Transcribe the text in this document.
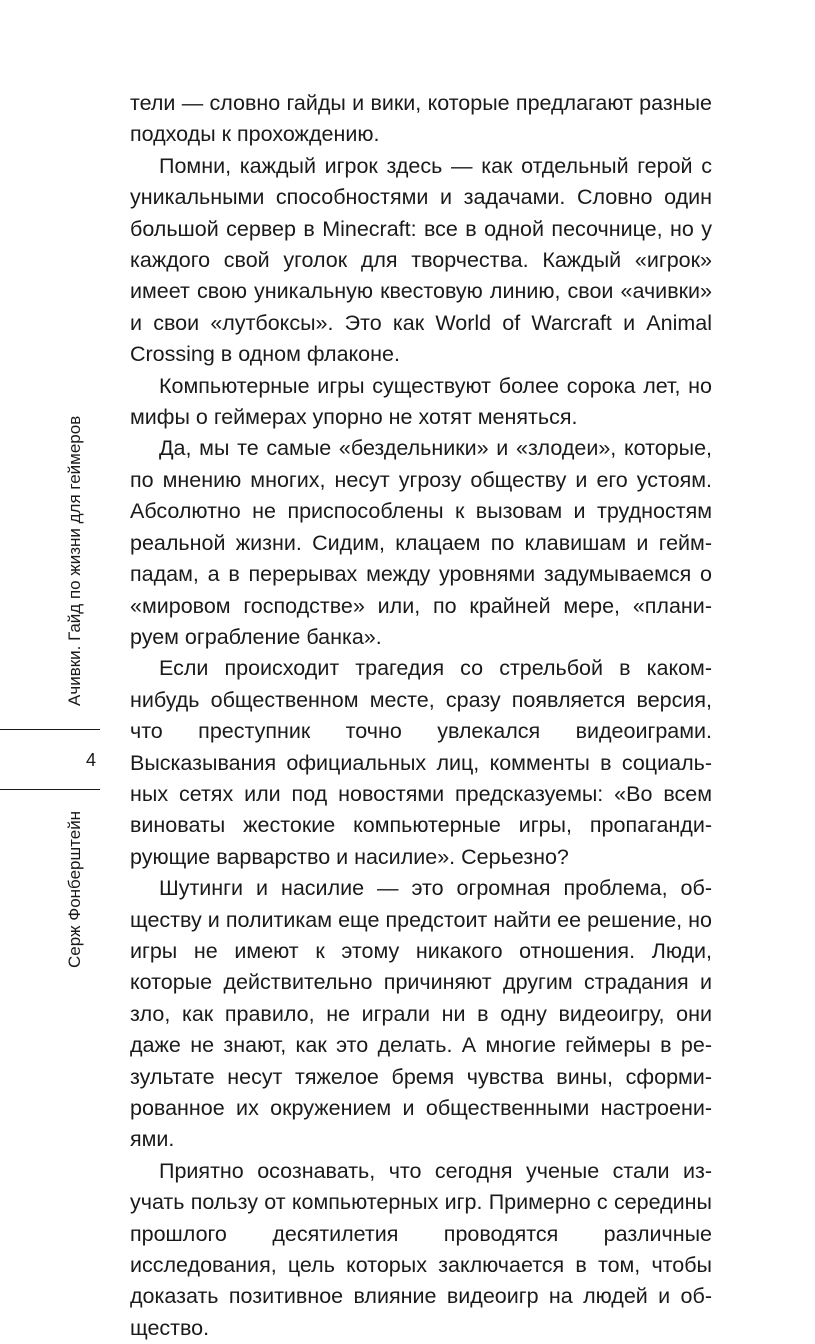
Ачивки. Гайд по жизни для геймеров
4
Серж Фонберштейн

тели — словно гайды и вики, которые предлагают разные подходы к прохождению.

Помни, каждый игрок здесь — как отдельный герой с уникальными способностями и задачами. Словно один большой сервер в Minecraft: все в одной песочнице, но у каждого свой уголок для творчества. Каждый «игрок» имеет свою уникальную квестовую линию, свои «ачивки» и свои «лутбоксы». Это как World of Warcraft и Animal Crossing в одном флаконе.

Компьютерные игры существуют более сорока лет, но мифы о геймерах упорно не хотят меняться.

Да, мы те самые «бездельники» и «злодеи», которые, по мнению многих, несут угрозу обществу и его устоям. Абсолютно не приспособлены к вызовам и трудностям реальной жизни. Сидим, клацаем по клавишам и геймпадам, а в перерывах между уровнями задумываемся о «мировом господстве» или, по крайней мере, «планируем ограбление банка».

Если происходит трагедия со стрельбой в каком-нибудь общественном месте, сразу появляется версия, что преступник точно увлекался видеоиграми. Высказывания официальных лиц, комменты в социальных сетях или под новостями предсказуемы: «Во всем виноваты жестокие компьютерные игры, пропагандирующие варварство и насилие». Серьезно?

Шутинги и насилие — это огромная проблема, обществу и политикам еще предстоит найти ее решение, но игры не имеют к этому никакого отношения. Люди, которые действительно причиняют другим страдания и зло, как правило, не играли ни в одну видеоигру, они даже не знают, как это делать. А многие геймеры в результате несут тяжелое бремя чувства вины, сформированное их окружением и общественными настроениями.

Приятно осознавать, что сегодня ученые стали изучать пользу от компьютерных игр. Примерно с середины прошлого десятилетия проводятся различные исследования, цель которых заключается в том, чтобы доказать позитивное влияние видеоигр на людей и общество.
